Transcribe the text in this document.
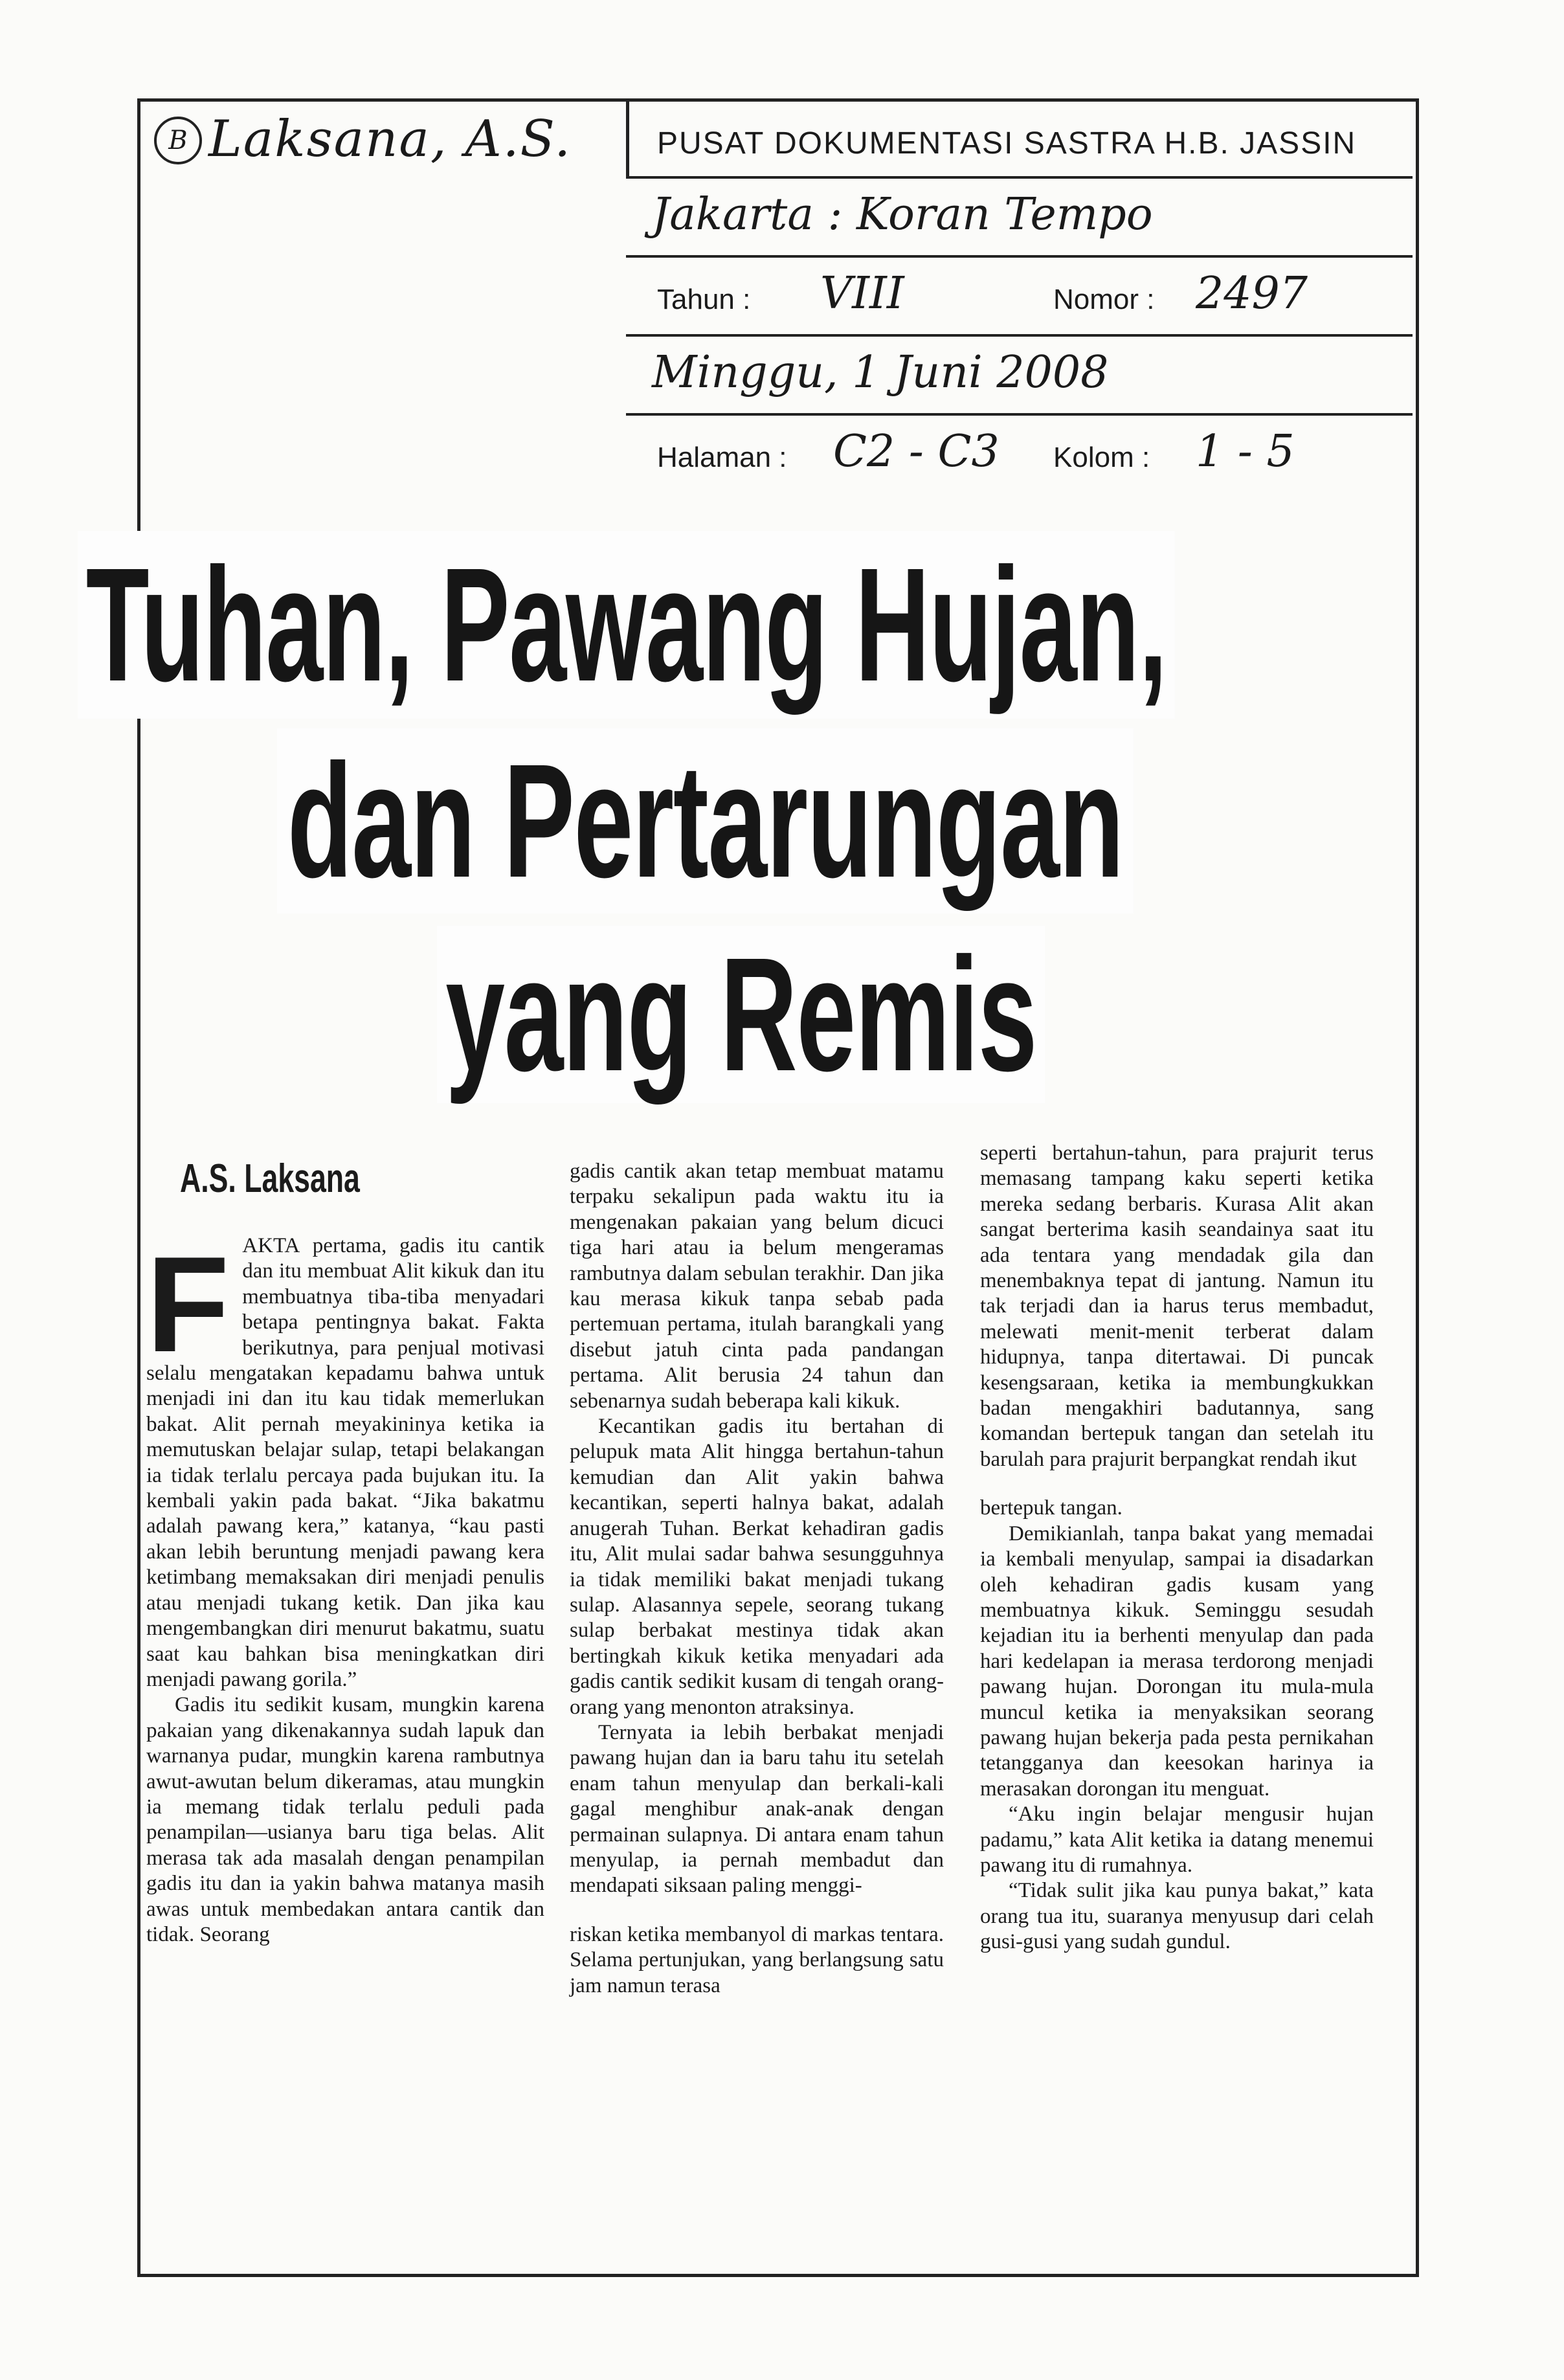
B Laksana, A.S.	PUSAT DOKUMENTASI SASTRA H.B. JASSIN
Jakarta : Koran Tempo
Tahun : VIII	Nomor : 2497
Minggu, 1 Juni 2008
Halaman : C2 - C3 Kolom : 1 - 5
Tuhan, Pawang Hujan,
dan Pertarungan
yang Remis
A.S. Laksana

FAKTA pertama, gadis itu cantik dan itu membuat Alit kikuk dan itu membuatnya tiba-tiba menyadari betapa pentingnya bakat. Fakta berikutnya, para penjual motivasi selalu mengatakan kepadamu bahwa untuk menjadi ini dan itu kau tidak memerlukan bakat. Alit pernah meyakininya ketika ia memutuskan belajar sulap, tetapi belakangan ia tidak terlalu percaya pada bujukan itu. Ia kembali yakin pada bakat. “Jika bakatmu adalah pawang kera,” katanya, “kau pasti akan lebih beruntung menjadi pawang kera ketimbang memaksakan diri menjadi penulis atau menjadi tukang ketik. Dan jika kau mengembangkan diri menurut bakatmu, suatu saat kau bahkan bisa meningkatkan diri menjadi pawang gorila.”

Gadis itu sedikit kusam, mungkin karena pakaian yang dikenakannya sudah lapuk dan warnanya pudar, mungkin karena rambutnya awut-awutan belum dikeramas, atau mungkin ia memang tidak terlalu peduli pada penampilan—usianya baru tiga belas. Alit merasa tak ada masalah dengan penampilan gadis itu dan ia yakin bahwa matanya masih awas untuk membedakan antara cantik dan tidak. Seorang

gadis cantik akan tetap membuat matamu terpaku sekalipun pada waktu itu ia mengenakan pakaian yang belum dicuci tiga hari atau ia belum mengeramas rambutnya dalam sebulan terakhir. Dan jika kau merasa kikuk tanpa sebab pada pertemuan pertama, itulah barangkali yang disebut jatuh cinta pada pandangan pertama. Alit berusia 24 tahun dan sebenarnya sudah beberapa kali kikuk.

Kecantikan gadis itu bertahan di pelupuk mata Alit hingga bertahun-tahun kemudian dan Alit yakin bahwa kecantikan, seperti halnya bakat, adalah anugerah Tuhan. Berkat kehadiran gadis itu, Alit mulai sadar bahwa sesungguhnya ia tidak memiliki bakat menjadi tukang sulap. Alasannya sepele, seorang tukang sulap berbakat mestinya tidak akan bertingkah kikuk ketika menyadari ada gadis cantik sedikit kusam di tengah orang-orang yang menonton atraksinya.

Ternyata ia lebih berbakat menjadi pawang hujan dan ia baru tahu itu setelah enam tahun menyulap dan berkali-kali gagal menghibur anak-anak dengan permainan sulapnya. Di antara enam tahun menyulap, ia pernah membadut dan mendapati siksaan paling menggi-

riskan ketika membanyol di markas tentara. Selama pertunjukan, yang berlangsung satu jam namun terasa

seperti bertahun-tahun, para prajurit terus memasang tampang kaku seperti ketika mereka sedang berbaris. Kurasa Alit akan sangat berterima kasih seandainya saat itu ada tentara yang mendadak gila dan menembaknya tepat di jantung. Namun itu tak terjadi dan ia harus terus membadut, melewati menit-menit terberat dalam hidupnya, tanpa ditertawai. Di puncak kesengsaraan, ketika ia membungkukkan badan mengakhiri badutannya, sang komandan bertepuk tangan dan setelah itu barulah para prajurit berpangkat rendah ikut

bertepuk tangan.

Demikianlah, tanpa bakat yang memadai ia kembali menyulap, sampai ia disadarkan oleh kehadiran gadis kusam yang membuatnya kikuk. Seminggu sesudah kejadian itu ia berhenti menyulap dan pada hari kedelapan ia merasa terdorong menjadi pawang hujan. Dorongan itu mula-mula muncul ketika ia menyaksikan seorang pawang hujan bekerja pada pesta pernikahan tetangganya dan keesokan harinya ia merasakan dorongan itu menguat.

“Aku ingin belajar mengusir hujan padamu,” kata Alit ketika ia datang menemui pawang itu di rumahnya.

“Tidak sulit jika kau punya bakat,” kata orang tua itu, suaranya menyusup dari celah gusi-gusi yang sudah gundul.
